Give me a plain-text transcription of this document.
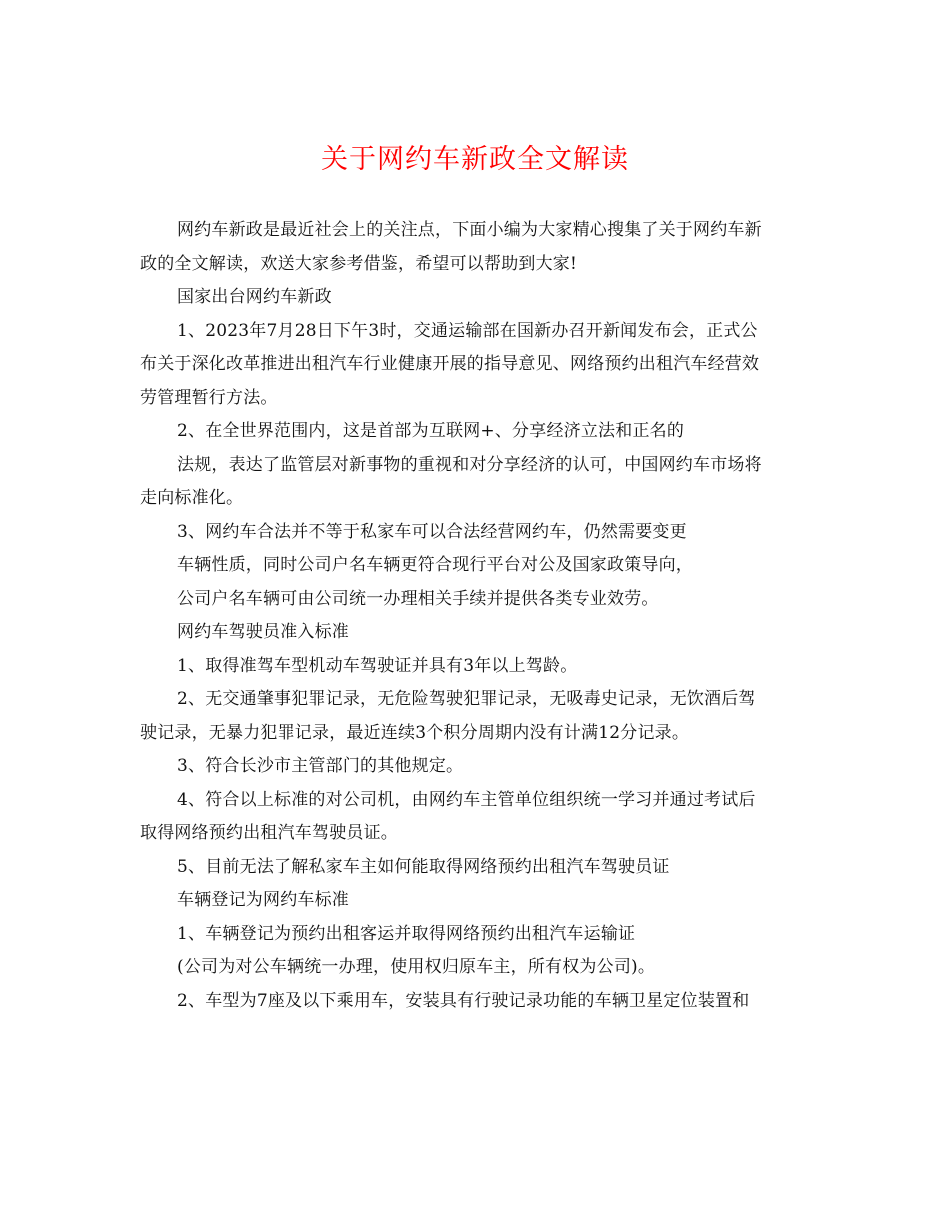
关于网约车新政全文解读
网约车新政是最近社会上的关注点，下面小编为大家精心搜集了关于网约车新
政的全文解读，欢送大家参考借鉴，希望可以帮助到大家!
国家出台网约车新政
1、2023年7月28日下午3时，交通运输部在国新办召开新闻发布会，正式公
布关于深化改革推进出租汽车行业健康开展的指导意见、网络预约出租汽车经营效
劳管理暂行方法。
2、在全世界范围内，这是首部为互联网+、分享经济立法和正名的
法规，表达了监管层对新事物的重视和对分享经济的认可，中国网约车市场将
走向标准化。
3、网约车合法并不等于私家车可以合法经营网约车，仍然需要变更
车辆性质，同时公司户名车辆更符合现行平台对公及国家政策导向，
公司户名车辆可由公司统一办理相关手续并提供各类专业效劳。
网约车驾驶员准入标准
1、取得准驾车型机动车驾驶证并具有3年以上驾龄。
2、无交通肇事犯罪记录，无危险驾驶犯罪记录，无吸毒史记录，无饮酒后驾
驶记录，无暴力犯罪记录，最近连续3个积分周期内没有计满12分记录。
3、符合长沙市主管部门的其他规定。
4、符合以上标准的对公司机，由网约车主管单位组织统一学习并通过考试后
取得网络预约出租汽车驾驶员证。
5、目前无法了解私家车主如何能取得网络预约出租汽车驾驶员证
车辆登记为网约车标准
1、车辆登记为预约出租客运并取得网络预约出租汽车运输证
(公司为对公车辆统一办理，使用权归原车主，所有权为公司)。
2、车型为7座及以下乘用车，安装具有行驶记录功能的车辆卫星定位装置和
